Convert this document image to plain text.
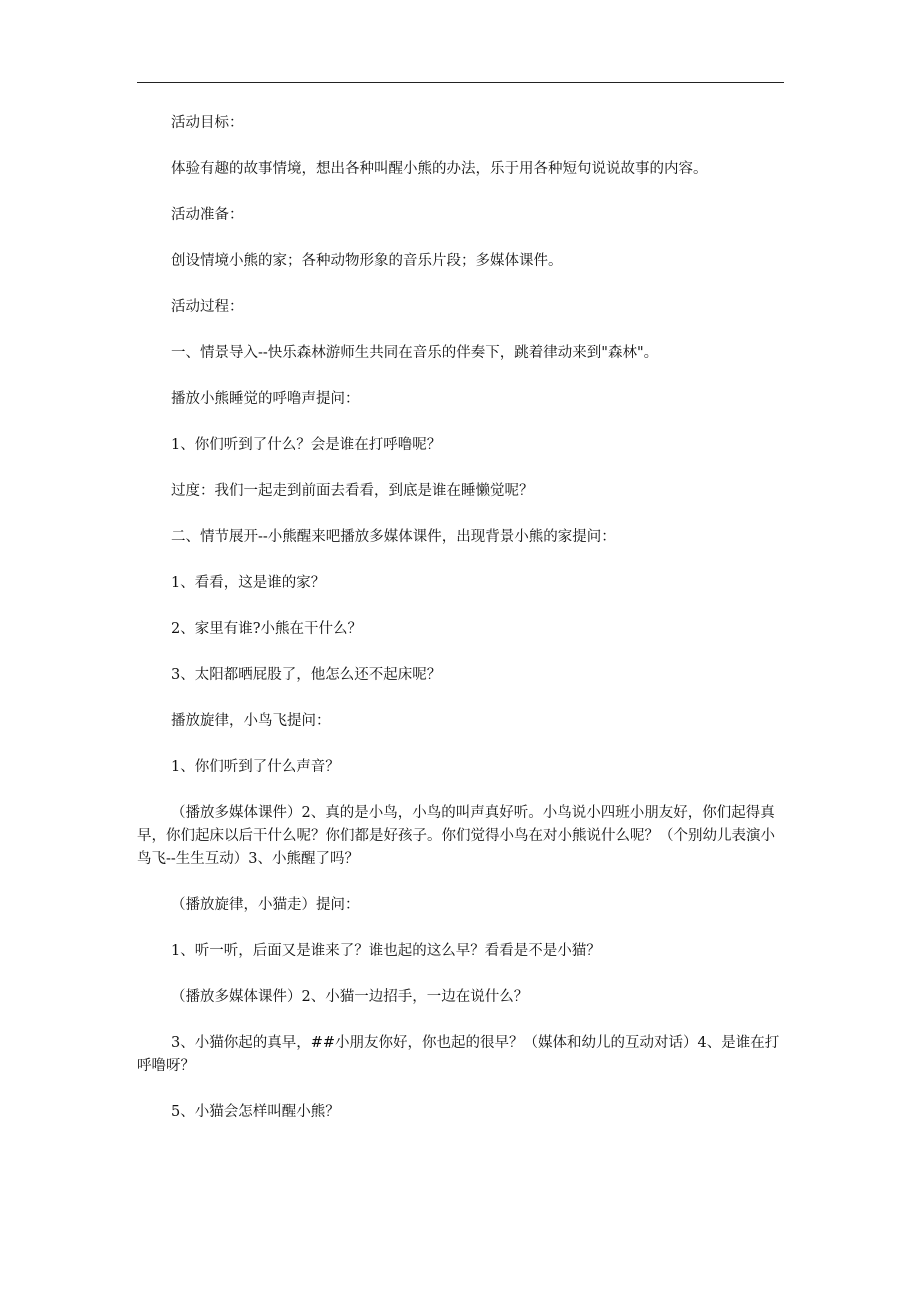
活动目标：

体验有趣的故事情境，想出各种叫醒小熊的办法，乐于用各种短句说说故事的内容。

活动准备：

创设情境小熊的家；各种动物形象的音乐片段；多媒体课件。

活动过程：

一、情景导入--快乐森林游师生共同在音乐的伴奏下，跳着律动来到"森林"。

播放小熊睡觉的呼噜声提问：

1、你们听到了什么？会是谁在打呼噜呢？

过度：我们一起走到前面去看看，到底是谁在睡懒觉呢？

二、情节展开--小熊醒来吧播放多媒体课件，出现背景小熊的家提问：

1、看看，这是谁的家？

2、家里有谁?小熊在干什么？

3、太阳都晒屁股了，他怎么还不起床呢？

播放旋律，小鸟飞提问：

1、你们听到了什么声音？

（播放多媒体课件）2、真的是小鸟，小鸟的叫声真好听。小鸟说小四班小朋友好，你们起得真早，你们起床以后干什么呢？你们都是好孩子。你们觉得小鸟在对小熊说什么呢？（个别幼儿表演小鸟飞--生生互动）3、小熊醒了吗？

（播放旋律，小猫走）提问：

1、听一听，后面又是谁来了？谁也起的这么早？看看是不是小猫？

（播放多媒体课件）2、小猫一边招手，一边在说什么？

3、小猫你起的真早，##小朋友你好，你也起的很早？（媒体和幼儿的互动对话）4、是谁在打呼噜呀？

5、小猫会怎样叫醒小熊？
